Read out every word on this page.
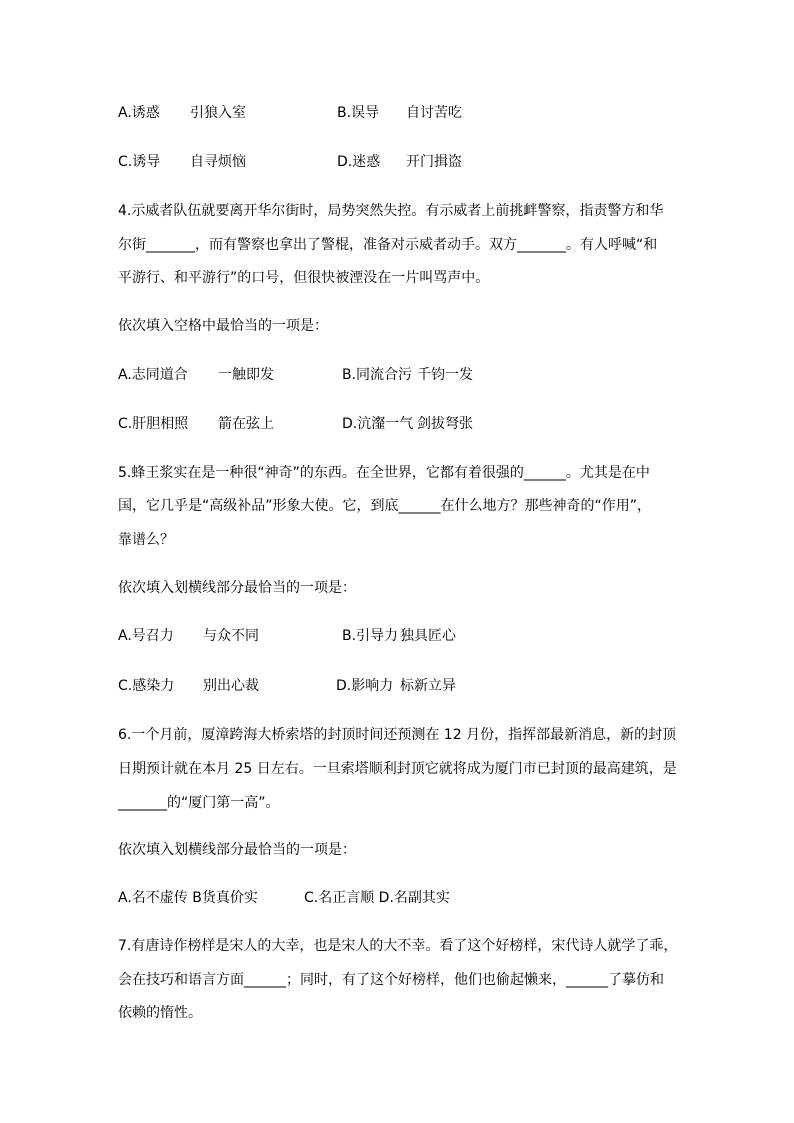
A.诱惑 引狼入室	B.误导 自讨苦吃
C.诱导 自寻烦恼	D.迷惑 开门揖盗
4.示威者队伍就要离开华尔街时，局势突然失控。有示威者上前挑衅警察，指责警方和华
尔街_______，而有警察也拿出了警棍，准备对示威者动手。双方_______。有人呼喊“和
平游行、和平游行”的口号，但很快被湮没在一片叫骂声中。
依次填入空格中最恰当的一项是：
A.志同道合 一触即发	B.同流合污 千钧一发
C.肝胆相照 箭在弦上	D.沆瀣一气 剑拔弩张
5.蜂王浆实在是一种很“神奇”的东西。在全世界，它都有着很强的______。尤其是在中
国，它几乎是“高级补品”形象大使。它，到底______在什么地方？那些神奇的“作用”，
靠谱么？
依次填入划横线部分最恰当的一项是：
A.号召力 与众不同	B.引导力 独具匠心
C.感染力 别出心裁	D.影响力 标新立异
6.一个月前，厦漳跨海大桥索塔的封顶时间还预测在 12 月份，指挥部最新消息，新的封顶
日期预计就在本月 25 日左右。一旦索塔顺利封顶它就将成为厦门市已封顶的最高建筑，是
_______的“厦门第一高”。
依次填入划横线部分最恰当的一项是：
A.名不虚传 B货真价实	C.名正言顺 D.名副其实
7.有唐诗作榜样是宋人的大幸，也是宋人的大不幸。看了这个好榜样，宋代诗人就学了乖，
会在技巧和语言方面______；同时，有了这个好榜样，他们也偷起懒来，______了摹仿和
依赖的惰性。
